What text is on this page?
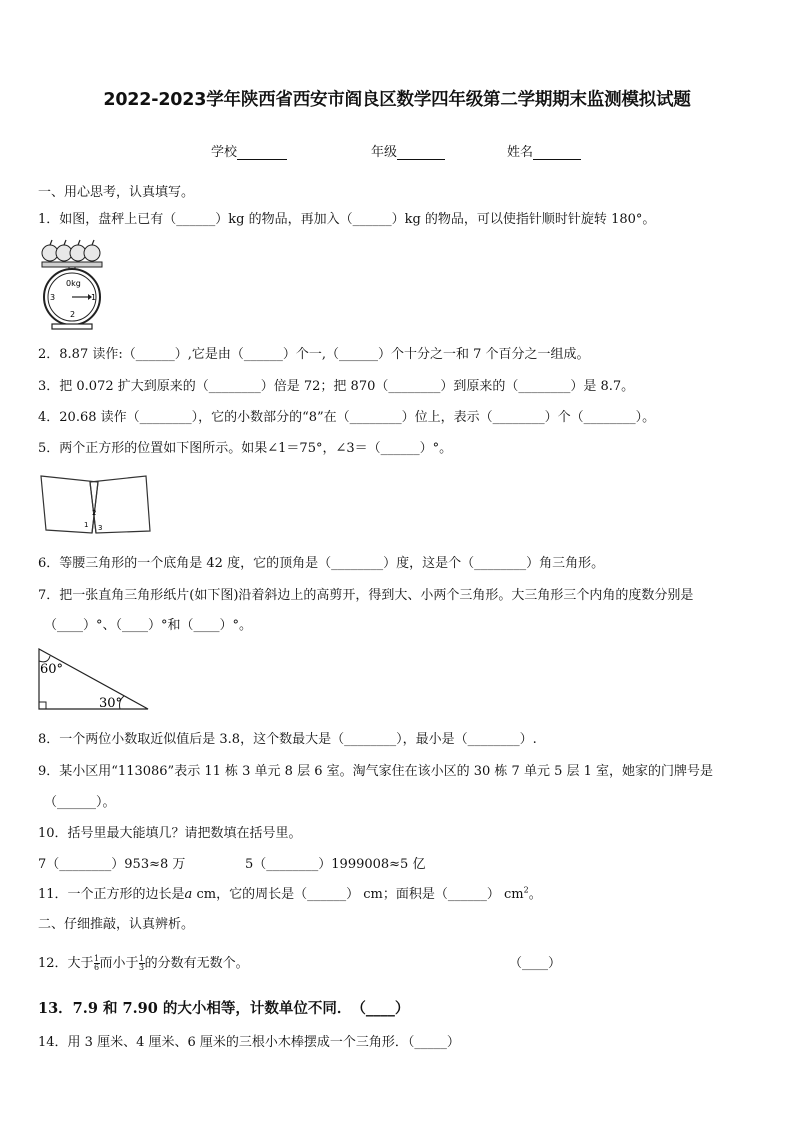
2022-2023学年陕西省西安市阎良区数学四年级第二学期期末监测模拟试题
学校	年级	姓名
一、用心思考，认真填写。
1．如图，盘秤上已有（______）kg 的物品，再加入（______）kg 的物品，可以使指针顺时针旋转 180°。
0kg
3	1
2
2．8.87 读作:（______）,它是由（______）个一,（______）个十分之一和 7 个百分之一组成。
3．把 0.072 扩大到原来的（________）倍是 72；把 870（________）到原来的（________）是 8.7。
4．20.68 读作（________），它的小数部分的“8”在（________）位上，表示（________）个（________）。
5．两个正方形的位置如下图所示。如果∠1＝75°，∠3＝（______）°。
1
2
3
6．等腰三角形的一个底角是 42 度，它的顶角是（________）度，这是个（________）角三角形。
7．把一张直角三角形纸片(如下图)沿着斜边上的高剪开，得到大、小两个三角形。大三角形三个内角的度数分别是
（____）°、（____）°和（____）°。
60°
30°
8．一个两位小数取近似值后是 3.8，这个数最大是（________），最小是（________）.
9．某小区用“113086”表示 11 栋 3 单元 8 层 6 室。淘气家住在该小区的 30 栋 7 单元 5 层 1 室，她家的门牌号是
（______）。
10．括号里最大能填几？请把数填在括号里。
7（________）953≈8 万	5（________）1999008≈5 亿
11．一个正方形的边长是a cm，它的周长是（______） cm；面积是（______） $cm^2$。
二、仔细推敲，认真辨析。
12．大于 $\frac{1}{6}$ 而小于 $\frac{1}{3}$ 的分数有无数个。	（____）
13．7.9 和 7.90 的大小相等，计数单位不同．　（____）
14．用 3 厘米、4 厘米、6 厘米的三根小木棒摆成一个三角形．（_____）
